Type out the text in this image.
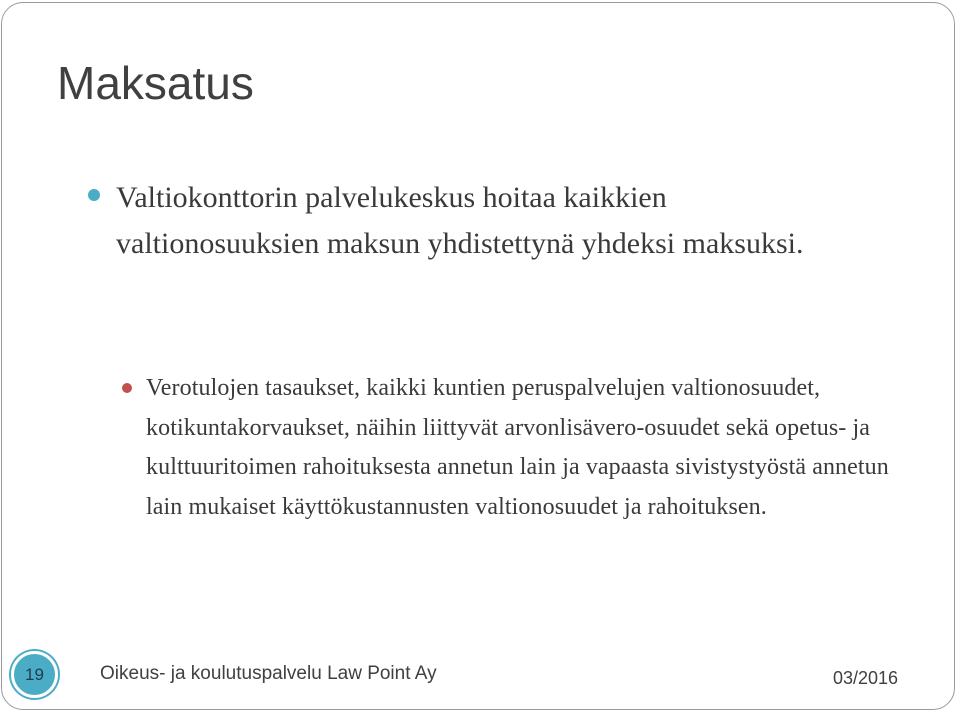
Maksatus
Valtiokonttorin palvelukeskus hoitaa kaikkien valtionosuuksien maksun yhdistettynä yhdeksi maksuksi.
Verotulojen tasaukset, kaikki kuntien peruspalvelujen valtionosuudet, kotikuntakorvaukset, näihin liittyvät arvonlisävero-osuudet sekä opetus- ja kulttuuritoimen rahoituksesta annetun lain ja vapaasta sivistystyöstä annetun lain mukaiset käyttökustannusten valtionosuudet ja rahoituksen.
19	Oikeus- ja koulutuspalvelu Law Point Ay	03/2016
